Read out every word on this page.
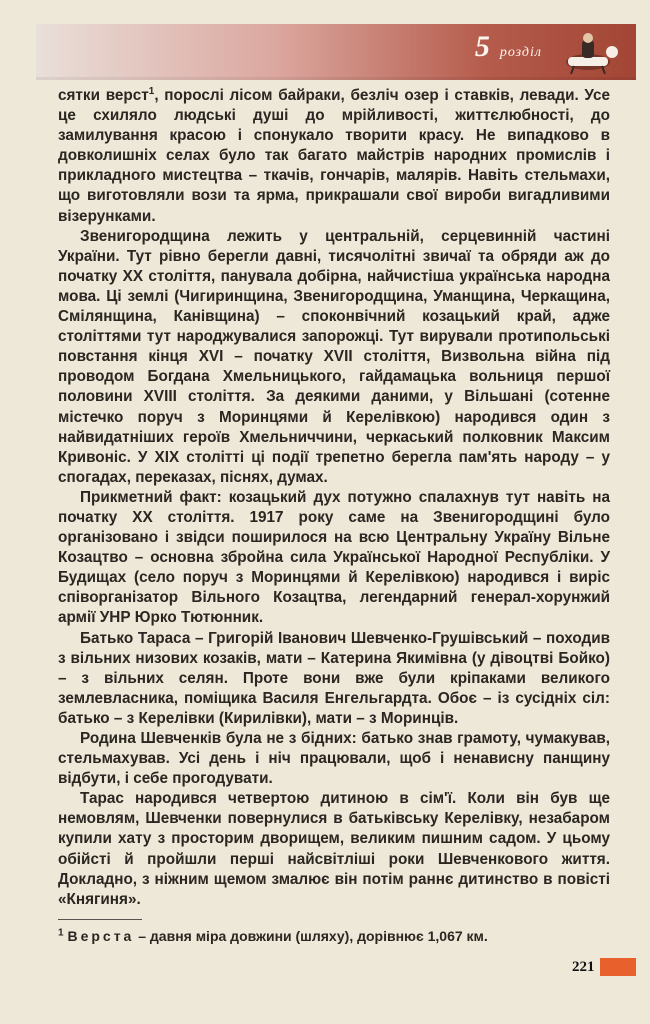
5 розділ

сятки верст$^1$, порослі лісом байраки, безліч озер і ставків, левади. Усе це схиляло людські душі до мрійливості, життєлюбності, до замилування красою і спонукало творити красу. Не випадково в довколишніх селах було так багато майстрів народних промислів і прикладного мистецтва – ткачів, гончарів, малярів. Навіть стельмахи, що виготовляли вози та ярма, прикрашали свої вироби вигадливими візерунками.

Звенигородщина лежить у центральній, серцевинній частині України. Тут рівно берегли давні, тисячолітні звичаї та обряди аж до початку XX століття, панувала добірна, найчистіша українська народна мова. Ці землі (Чигиринщина, Звенигородщина, Уманщина, Черкащина, Смілянщина, Канівщина) – споконвічний козацький край, адже століттями тут народжувалися запорожці. Тут вирували протипольські повстання кінця XVI – початку XVII століття, Визвольна війна під проводом Богдана Хмельницького, гайдамацька вольниця першої половини XVIII століття. За деякими даними, у Вільшані (сотенне містечко поруч з Моринцями й Керелівкою) народився один з найвидатніших героїв Хмельниччини, черкаський полковник Максим Кривоніс. У XIX столітті ці події трепетно берегла пам'ять народу – у спогадах, переказах, піснях, думах.

Прикметний факт: козацький дух потужно спалахнув тут навіть на початку XX століття. 1917 року саме на Звенигородщині було організовано і звідси поширилося на всю Центральну Україну Вільне Козацтво – основна збройна сила Української Народної Республіки. У Будищах (село поруч з Моринцями й Керелівкою) народився і виріс співорганізатор Вільного Козацтва, легендарний генерал-хорунжий армії УНР Юрко Тютюнник.

Батько Тараса – Григорій Іванович Шевченко-Грушівський – походив з вільних низових козаків, мати – Катерина Якимівна (у дівоцтві Бойко) – з вільних селян. Проте вони вже були кріпаками великого землевласника, поміщика Василя Енгельгардта. Обоє – із сусідніх сіл: батько – з Керелівки (Кирилівки), мати – з Моринців.

Родина Шевченків була не з бідних: батько знав грамоту, чумакував, стельмахував. Усі день і ніч працювали, щоб і ненависну панщину відбути, і себе прогодувати.

Тарас народився четвертою дитиною в сім'ї. Коли він був ще немовлям, Шевченки повернулися в батьківську Керелівку, незабаром купили хату з просторим дворищем, великим пишним садом. У цьому обійсті й пройшли перші найсвітліші роки Шевченкового життя. Докладно, з ніжним щемом змалює він потім раннє дитинство в повісті «Княгиня».

$^1$ Верста – давня міра довжини (шляху), дорівнює 1,067 км.
221
